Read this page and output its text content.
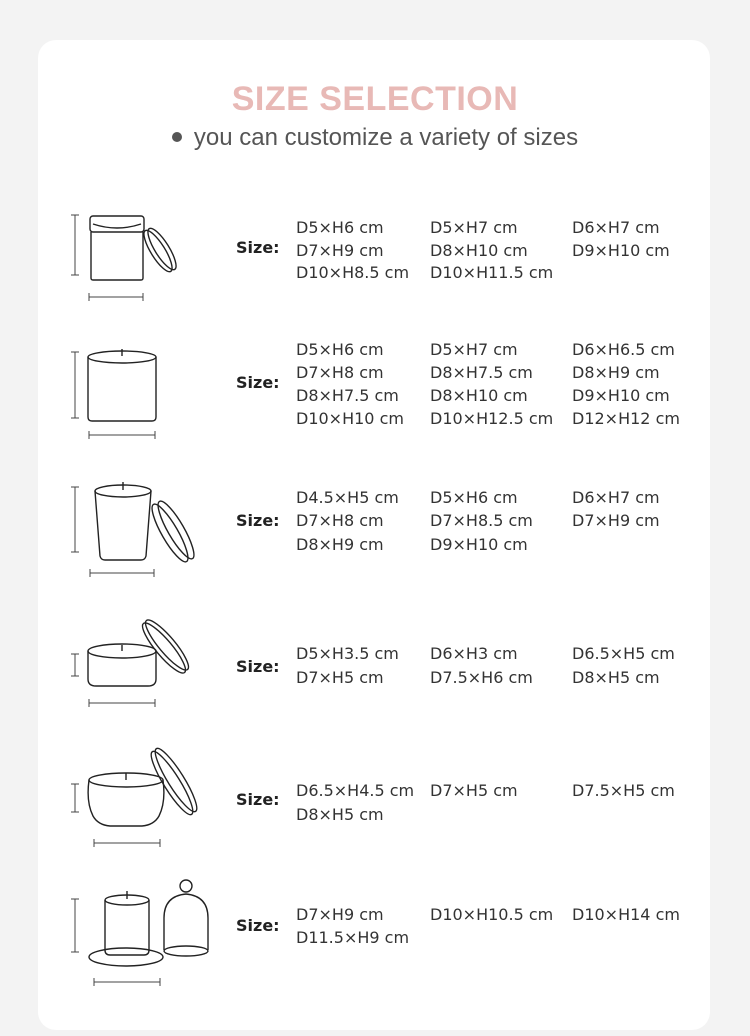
SIZE SELECTION
you can customize a variety of sizes
Size:
D5×H6 cm	D5×H7 cm	D6×H7 cm
D7×H9 cm	D8×H10 cm	D9×H10 cm
D10×H8.5 cm D10×H11.5 cm
Size:
D5×H6 cm	D5×H7 cm	D6×H6.5 cm
D7×H8 cm	D8×H7.5 cm D8×H9 cm
D8×H7.5 cm D8×H10 cm	D9×H10 cm
D10×H10 cm D10×H12.5 cm D12×H12 cm
Size:
D4.5×H5 cm D5×H6 cm	D6×H7 cm
D7×H8 cm	D7×H8.5 cm D7×H9 cm
D8×H9 cm	D9×H10 cm
Size:
D5×H3.5 cm D6×H3 cm	D6.5×H5 cm
D7×H5 cm	D7.5×H6 cm D8×H5 cm
Size: D6.5×H4.5 cm D7×H5 cm	D7.5×H5 cm
D8×H5 cm
Size:
D7×H9 cm	D10×H10.5 cm D10×H14 cm
D11.5×H9 cm
